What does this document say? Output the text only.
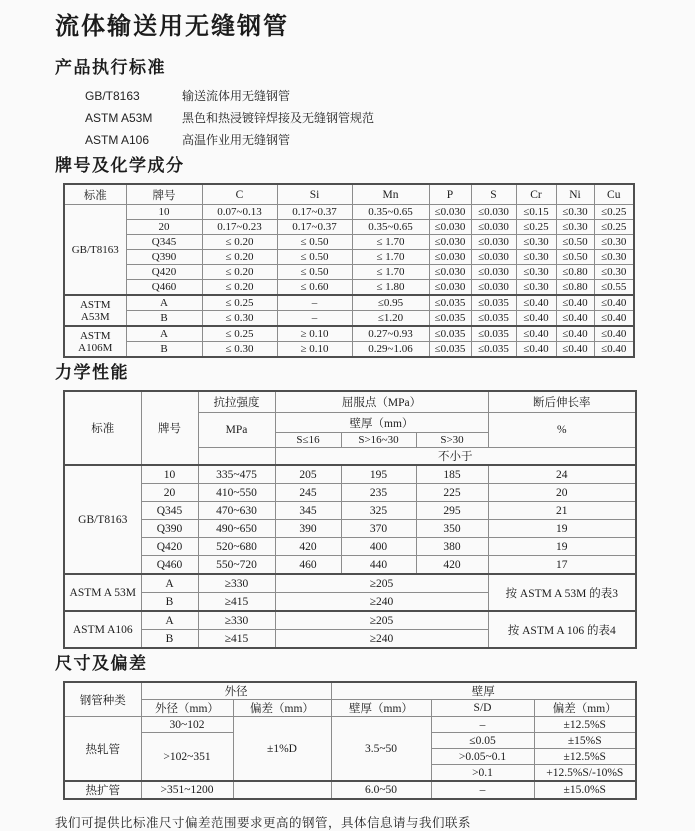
流体输送用无缝钢管
产品执行标准
GB/T8163	输送流体用无缝钢管
ASTM A53M	黑色和热浸镀锌焊接及无缝钢管规范
ASTM A106	高温作业用无缝钢管
牌号及化学成分
标准	牌号	C	Si	Mn	P	S	Cr	Ni	Cu
GB/T8163	10	0.07~0.13	0.17~0.37	0.35~0.65	≤0.030	≤0.030	≤0.15	≤0.30	≤0.25
	20	0.17~0.23	0.17~0.37	0.35~0.65	≤0.030	≤0.030	≤0.25	≤0.30	≤0.25
	Q345	≤ 0.20	≤ 0.50	≤ 1.70	≤0.030	≤0.030	≤0.30	≤0.50	≤0.30
	Q390	≤ 0.20	≤ 0.50	≤ 1.70	≤0.030	≤0.030	≤0.30	≤0.50	≤0.30
	Q420	≤ 0.20	≤ 0.50	≤ 1.70	≤0.030	≤0.030	≤0.30	≤0.80	≤0.30
	Q460	≤ 0.20	≤ 0.60	≤ 1.80	≤0.030	≤0.030	≤0.30	≤0.80	≤0.55

ASTM
A53M	A	≤ 0.25	–	≤0.95	≤0.035	≤0.035	≤0.40	≤0.40	≤0.40
	B	≤ 0.30	–	≤1.20	≤0.035	≤0.035	≤0.40	≤0.40	≤0.40

ASTM
A106M	A	≤ 0.25	≥ 0.10	0.27~0.93	≤0.035	≤0.035	≤0.40	≤0.40	≤0.40
	B	≤ 0.30	≥ 0.10	0.29~1.06	≤0.035	≤0.035	≤0.40	≤0.40	≤0.40
力学性能
标准	牌号	抗拉强度	屈服点（MPa）			断后伸长率
		MPa	壁厚（mm）			%
			S≤16	S>16~30	S>30	
			不小于			
GB/T8163	10	335~475	205	195	185	24
	20	410~550	245	235	225	20
	Q345	470~630	345	325	295	21
	Q390	490~650	390	370	350	19
	Q420	520~680	420	400	380	19
	Q460	550~720	460	440	420	17
ASTM A 53M	A	≥330	≥205			按 ASTM A 53M 的表3
	B	≥415	≥240			
ASTM A106	A	≥330	≥205			按 ASTM A 106 的表4
	B	≥415	≥240			
尺寸及偏差
钢管种类	外径		壁厚		
	外径（mm）	偏差（mm）	壁厚（mm）	S/D	偏差（mm）
热轧管	30~102	±1%D	3.5~50	–	±12.5%S
	>102~351			≤0.05	±15%S
				>0.05~0.1	±12.5%S
				>0.1	+12.5%S/-10%S
热扩管	>351~1200		6.0~50	–	±15.0%S
我们可提供比标准尺寸偏差范围要求更高的钢管，具体信息请与我们联系
